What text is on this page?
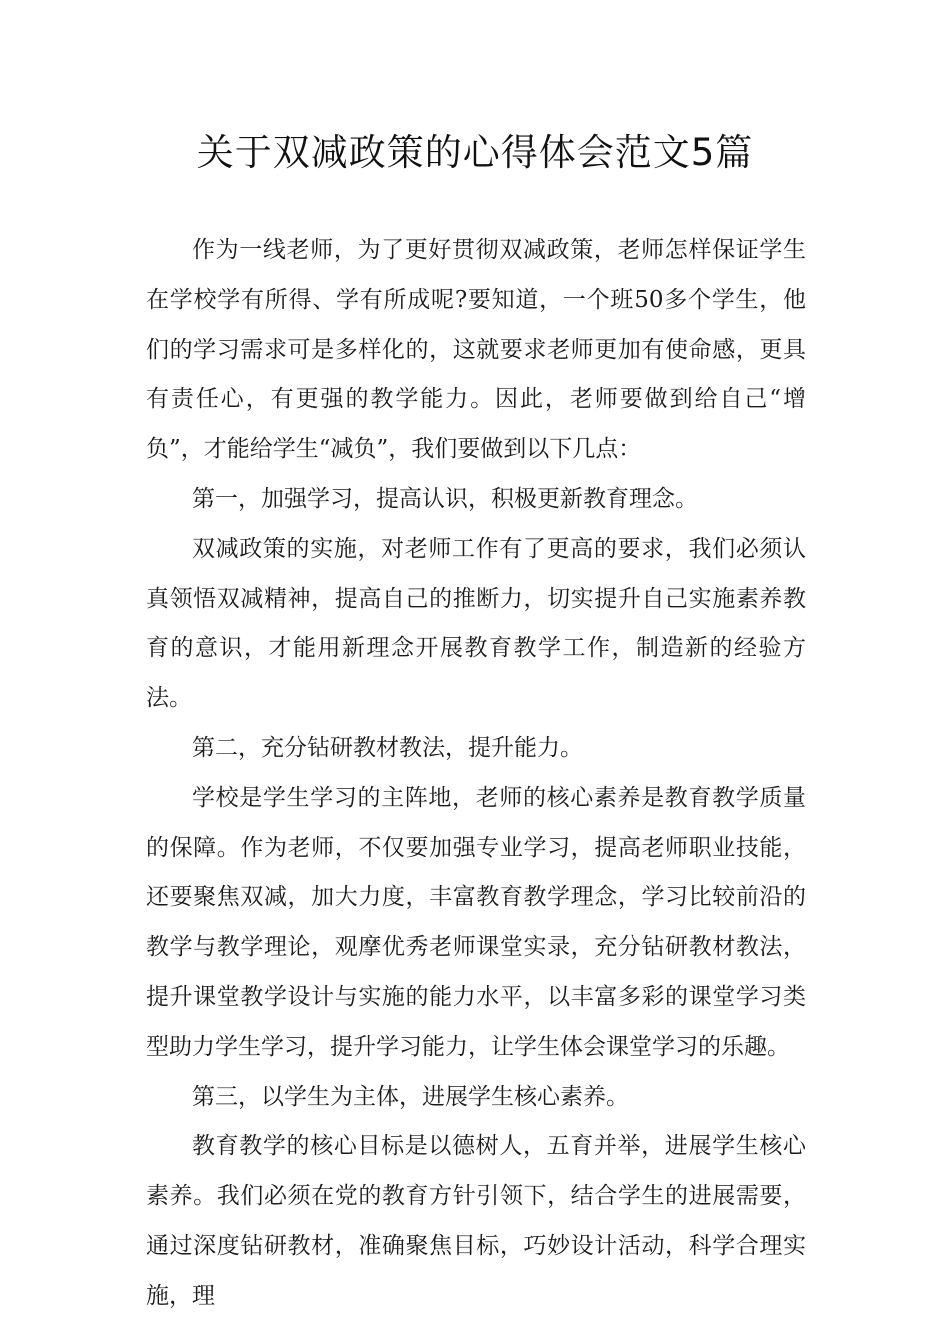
关于双减政策的心得体会范文5篇

作为一线老师，为了更好贯彻双减政策，老师怎样保证学生在学校学有所得、学有所成呢?要知道，一个班50多个学生，他们的学习需求可是多样化的，这就要求老师更加有使命感，更具有责任心，有更强的教学能力。因此，老师要做到给自己“增负”，才能给学生“减负”，我们要做到以下几点：

第一，加强学习，提高认识，积极更新教育理念。

双减政策的实施，对老师工作有了更高的要求，我们必须认真领悟双减精神，提高自己的推断力，切实提升自己实施素养教育的意识，才能用新理念开展教育教学工作，制造新的经验方法。

第二，充分钻研教材教法，提升能力。

学校是学生学习的主阵地，老师的核心素养是教育教学质量的保障。作为老师，不仅要加强专业学习，提高老师职业技能，还要聚焦双减，加大力度，丰富教育教学理念，学习比较前沿的教学与教学理论，观摩优秀老师课堂实录，充分钻研教材教法，提升课堂教学设计与实施的能力水平，以丰富多彩的课堂学习类型助力学生学习，提升学习能力，让学生体会课堂学习的乐趣。

第三，以学生为主体，进展学生核心素养。

教育教学的核心目标是以德树人，五育并举，进展学生核心素养。我们必须在党的教育方针引领下，结合学生的进展需要，通过深度钻研教材，准确聚焦目标，巧妙设计活动，科学合理实施，理
